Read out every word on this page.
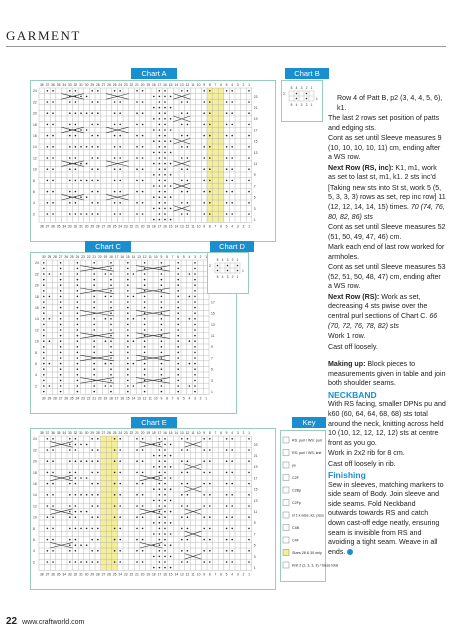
GARMENT
Chart A
38
38
37
37
36
36
35
35
34
34
33
33
32
32
31
31
30
30
29
29
28
28
27
27
26
26
25
25
24
24
23
23
22
22
21
21
20
20
19
19
18
18
17
17
16
16
15
15
14
14
13
13
12
12
11
11
10
10
9
9
8
8
7
7
6
6
5
5
4
4
3
3
2
2
1
1
24
23
22
21
20
19
18
17
16
15
14
13
12
11
10
9
8
7
6
5
4
3
2
1
Chart B
5
5
4
4
3
3
2
2
1
1
2
1
Chart C
30
30
29
29
28
28
27
27
26
26
25
25
24
24
23
23
22
22
21
21
20
20
19
19
18
18
17
17
16
16
15
15
14
14
13
13
12
12
11
11
10
10
9
9
8
8
7
7
6
6
5
5
4
4
3
3
2
2 1
24
22
20
18
17
16
15
14
13
12
11
10
9
8
7
6
5
4
3
2
1
Chart D
5
5
4
4
3
3
2
2
1
1
2
1
Chart E
38
38
37
37
36
36
35
35
34
34
33
33
32
32
31
31
30
30
29
29
28
28
27
27
26
26
25
25
24
24
23
23
22
22
21
21
20
20
19
19
18
18
17
17
16
16
15
15
14
14
13
13
12
12
11
11
10
10
9
9
8
8
7
7
6
6
5
5
4
4
3
3
2
2
1
1
24
23
22
21
20
19
18
17
16
15
14
13
12
11
10
9
8
7
6
5
4
3
2
1
Key
RS: purl / WS: purl
RS: purl / WS: knit
yo
C2F
C2Bp
C2Fp
sl 1 k wise, k2, psso
C4B
C4F
Sizes 28 & 30 only
Knit 2 (2, 3, 3, 3) / Siess total

Row 4 of Patt B, p2 (3, 4, 4, 5, 6), k1.

The last 2 rows set position of patts and edging sts.

Cont as set until Sleeve measures 9 (10, 10, 10, 10, 11) cm, ending after a WS row.

Next Row (RS, inc): K1, m1, work as set to last st, m1, k1. 2 sts inc'd

[Taking new sts into St st, work 5 (5, 5, 3, 3, 3) rows as set, rep inc row] 11 (12, 12, 14, 14, 15) times. 70 (74, 76, 80, 82, 86) sts

Cont as set until Sleeve measures 52 (51, 50, 49, 47, 46) cm.

Mark each end of last row worked for armholes.

Cont as set until Sleeve measures 53 (52, 51, 50, 48, 47) cm, ending after a WS row.

Next Row (RS): Work as set, decreasing 4 sts pwise over the central purl sections of Chart C. 66 (70, 72, 76, 78, 82) sts

Work 1 row.

Cast off loosely.

Making up: Block pieces to measurements given in table and join both shoulder seams.

NECKBAND

With RS facing, smaller DPNs pu and k60 (60, 64, 64, 68, 68) sts total around the neck, knitting across held 10 (10, 12, 12, 12, 12) sts at centre front as you go.

Work in 2x2 rib for 8 cm.

Cast off loosely in rib.

Finishing

Sew in sleeves, matching markers to side seam of Body. Join sleeve and side seams. Fold Neckband outwards towards RS and catch down cast-off edge neatly, ensuring seam is invisible from RS and avoiding a tight seam. Weave in all ends.

22 www.craftworld.com
